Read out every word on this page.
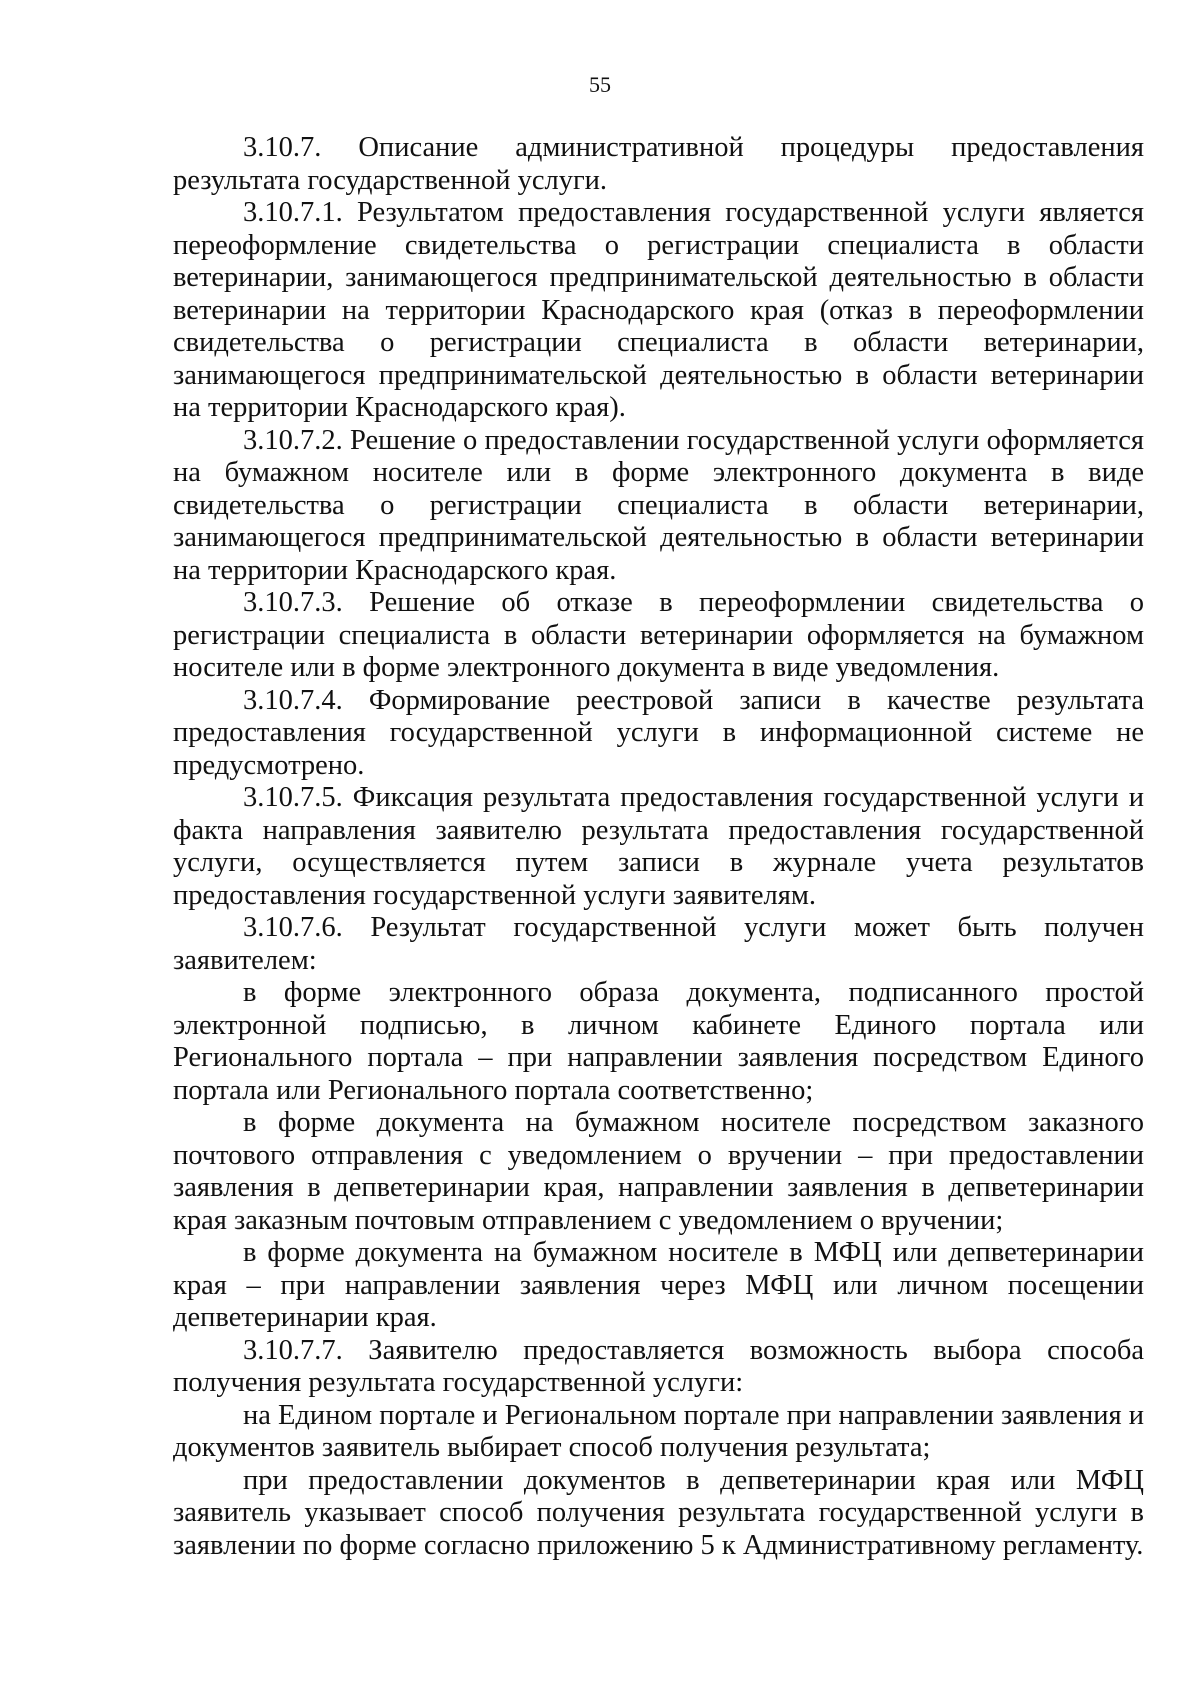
55

3.10.7. Описание административной процедуры предоставления результата государственной услуги.

3.10.7.1. Результатом предоставления государственной услуги является переоформление свидетельства о регистрации специалиста в области ветеринарии, занимающегося предпринимательской деятельностью в области ветеринарии на территории Краснодарского края (отказ в переоформлении свидетельства о регистрации специалиста в области ветеринарии, занимающегося предпринимательской деятельностью в области ветеринарии на территории Краснодарского края).

3.10.7.2. Решение о предоставлении государственной услуги оформляется на бумажном носителе или в форме электронного документа в виде свидетельства о регистрации специалиста в области ветеринарии, занимающегося предпринимательской деятельностью в области ветеринарии на территории Краснодарского края.

3.10.7.3. Решение об отказе в переоформлении свидетельства о регистрации специалиста в области ветеринарии оформляется на бумажном носителе или в форме электронного документа в виде уведомления.

3.10.7.4. Формирование реестровой записи в качестве результата предоставления государственной услуги в информационной системе не предусмотрено.

3.10.7.5. Фиксация результата предоставления государственной услуги и факта направления заявителю результата предоставления государственной услуги, осуществляется путем записи в журнале учета результатов предоставления государственной услуги заявителям.

3.10.7.6. Результат государственной услуги может быть получен заявителем:

в форме электронного образа документа, подписанного простой электронной подписью, в личном кабинете Единого портала или Регионального портала – при направлении заявления посредством Единого портала или Регионального портала соответственно;

в форме документа на бумажном носителе посредством заказного почтового отправления с уведомлением о вручении – при предоставлении заявления в депветеринарии края, направлении заявления в депветеринарии края заказным почтовым отправлением с уведомлением о вручении;

в форме документа на бумажном носителе в МФЦ или депветеринарии края – при направлении заявления через МФЦ или личном посещении депветеринарии края.

3.10.7.7. Заявителю предоставляется возможность выбора способа получения результата государственной услуги:

на Едином портале и Региональном портале при направлении заявления и документов заявитель выбирает способ получения результата;

при предоставлении документов в депветеринарии края или МФЦ заявитель указывает способ получения результата государственной услуги в заявлении по форме согласно приложению 5 к Административному регламенту.
